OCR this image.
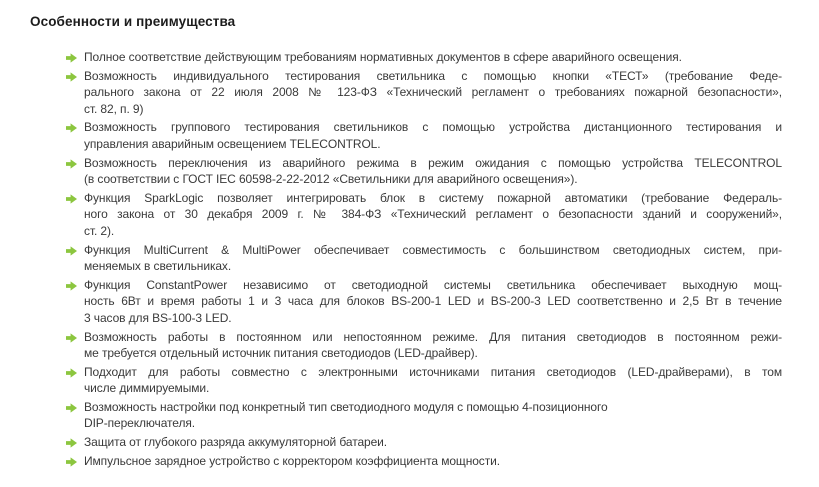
Особенности и преимущества
Полное соответствие действующим требованиям нормативных документов в сфере аварийного освещения.
Возможность индивидуального тестирования светильника с помощью кнопки «ТЕСТ» (требование Феде-
рального закона от 22 июля 2008 № 123-ФЗ «Технический регламент о требованиях пожарной безопасности»,
ст. 82, п. 9)
Возможность группового тестирования светильников с помощью устройства дистанционного тестирования и
управления аварийным освещением TELECONTROL.
Возможность переключения из аварийного режима в режим ожидания с помощью устройства TELECONTROL
(в соответствии с ГОСТ IEC 60598-2-22-2012 «Светильники для аварийного освещения»).
Функция SparkLogic позволяет интегрировать блок в систему пожарной автоматики (требование Федераль-
ного закона от 30 декабря 2009 г. № 384-ФЗ «Технический регламент о безопасности зданий и сооружений»,
ст. 2).
Функция MultiCurrent & MultiPower обеспечивает совместимость с большинством светодиодных систем, при-
меняемых в светильниках.
Функция ConstantPower независимо от светодиодной системы светильника обеспечивает выходную мощ-
ность 6Вт и время работы 1 и 3 часа для блоков BS-200-1 LED и BS-200-3 LED соответственно и 2,5 Вт в течение
3 часов для BS-100-3 LED.
Возможность работы в постоянном или непостоянном режиме. Для питания светодиодов в постоянном режи-
ме требуется отдельный источник питания светодиодов (LED-драйвер).
Подходит для работы совместно с электронными источниками питания светодиодов (LED-драйверами), в том
числе диммируемыми.
Возможность настройки под конкретный тип светодиодного модуля с помощью 4-позиционного
DIP-переключателя.
Защита от глубокого разряда аккумуляторной батареи.
Импульсное зарядное устройство с корректором коэффициента мощности.
